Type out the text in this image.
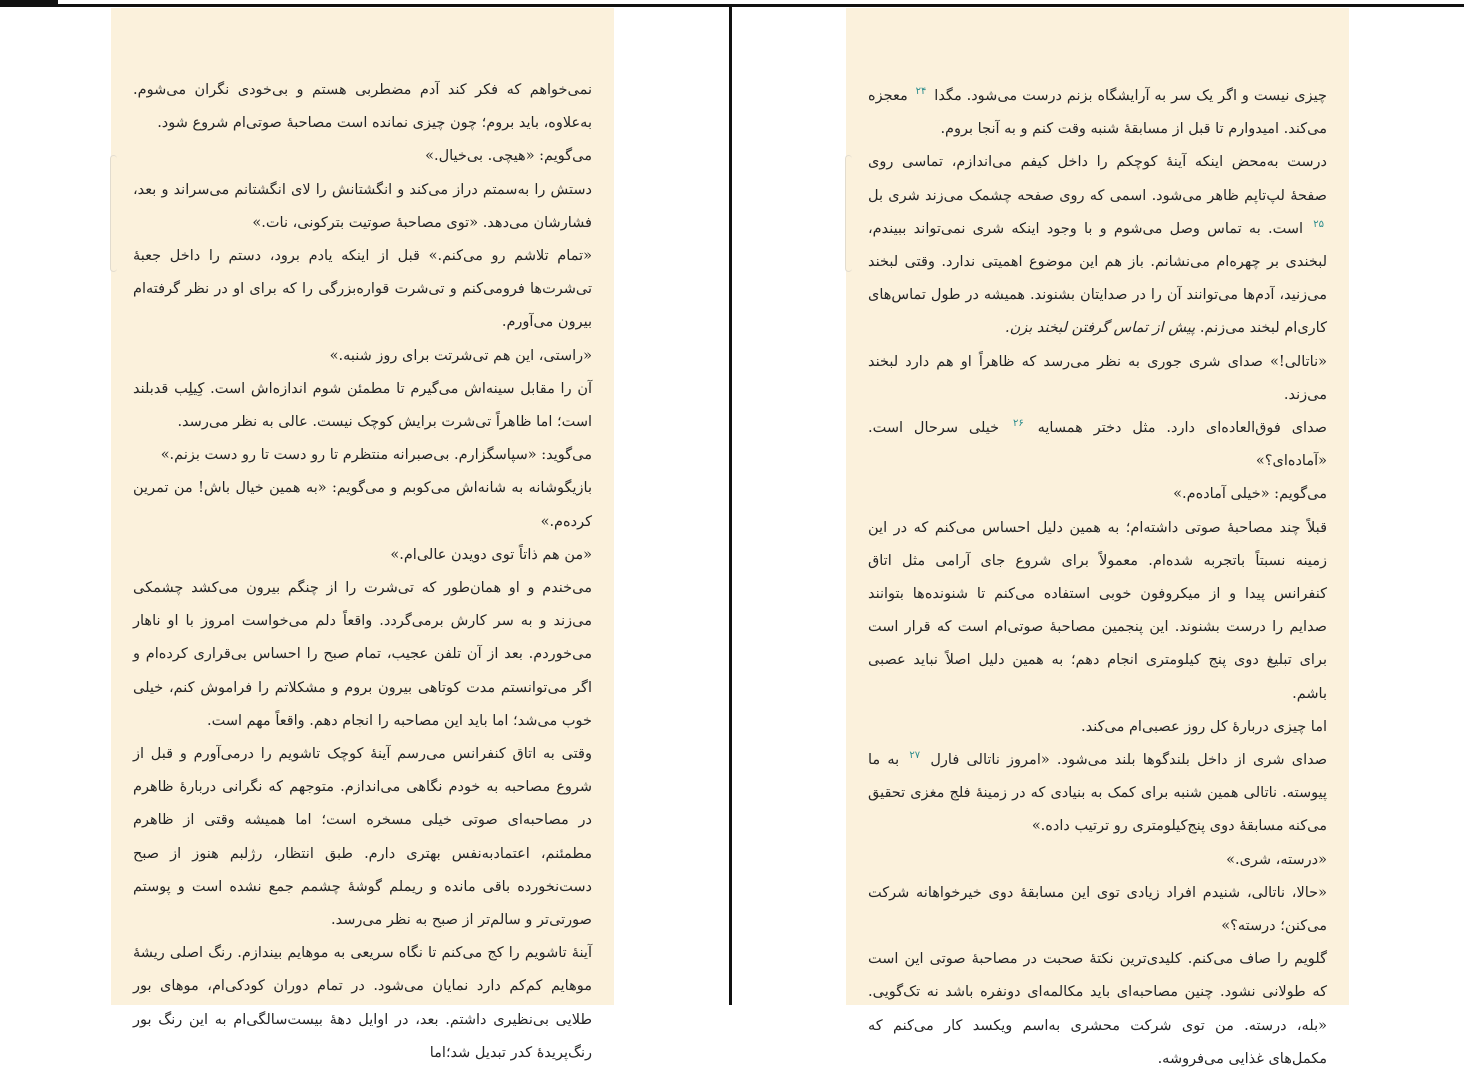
نمی‌خواهم که فکر کند آدم مضطربی هستم و بی‌خودی نگران می‌شوم. به‌علاوه، باید بروم؛ چون چیزی نمانده است مصاحبهٔ صوتی‌ام شروع شود.

می‌گویم: «هیچی. بی‌خیال.»

دستش را به‌سمتم دراز می‌کند و انگشتانش را لای انگشتانم می‌سراند و بعد، فشارشان می‌دهد. «توی مصاحبهٔ صوتیت بترکونی، نات.»

«تمام تلاشم رو می‌کنم.» قبل از اینکه یادم برود، دستم را داخل جعبهٔ تی‌شرت‌ها فرومی‌کنم و تی‌شرت قواره‌بزرگی را که برای او در نظر گرفته‌ام بیرون می‌آورم.

«راستی، این هم تی‌شرتت برای روز شنبه.»

آن را مقابل سینه‌اش می‌گیرم تا مطمئن شوم اندازه‌اش است. کِیلِب قدبلند است؛ اما ظاهراً تی‌شرت برایش کوچک نیست. عالی به نظر می‌رسد.

می‌گوید: «سپاسگزارم. بی‌صبرانه منتظرم تا رو دست تا رو دست بزنم.»

بازیگوشانه به شانه‌اش می‌کوبم و می‌گویم: «به همین خیال باش! من تمرین کرده‌م.»

«من هم ذاتاً توی دویدن عالی‌ام.»

می‌خندم و او همان‌طور که تی‌شرت را از چنگم بیرون می‌کشد چشمکی می‌زند و به سر کارش برمی‌گردد. واقعاً دلم می‌خواست امروز با او ناهار می‌خوردم. بعد از آن تلفن عجیب، تمام صبح را احساس بی‌قراری کرده‌ام و اگر می‌توانستم مدت کوتاهی بیرون بروم و مشکلاتم را فراموش کنم، خیلی خوب می‌شد؛ اما باید این مصاحبه را انجام دهم. واقعاً مهم است.

وقتی به اتاق کنفرانس می‌رسم آینهٔ کوچک تاشویم را درمی‌آورم و قبل از شروع مصاحبه به خودم نگاهی می‌اندازم. متوجهم که نگرانی دربارهٔ ظاهرم در مصاحبه‌ای صوتی خیلی مسخره است؛ اما همیشه وقتی از ظاهرم مطمئنم، اعتمادبه‌نفس بهتری دارم. طبق انتظار، رژلبم هنوز از صبح دست‌نخورده باقی مانده و ریملم گوشهٔ چشمم جمع نشده است و پوستم صورتی‌تر و سالم‌تر از صبح به نظر می‌رسد.

آینهٔ تاشویم را کج می‌کنم تا نگاه سریعی به موهایم بیندازم. رنگ اصلی ریشهٔ موهایم کم‌کم دارد نمایان می‌شود. در تمام دوران کودکی‌ام، موهای بور طلایی بی‌نظیری داشتم. بعد، در اوایل دههٔ بیست‌سالگی‌ام به این رنگ بور رنگ‌پریدهٔ کدر تبدیل شد؛اما

چیزی نیست و اگر یک سر به آرایشگاه بزنم درست می‌شود. مگدا $^{۲۴}$ معجزه می‌کند. امیدوارم تا قبل از مسابقهٔ شنبه وقت کنم و به آنجا بروم.

درست به‌محض اینکه آینهٔ کوچکم را داخل کیفم می‌اندازم، تماسی روی صفحهٔ لپ‌تاپم ظاهر می‌شود. اسمی که روی صفحه چشمک می‌زند شری بل $^{۲۵}$ است. به تماس وصل می‌شوم و با وجود اینکه شری نمی‌تواند ببیندم، لبخندی بر چهره‌ام می‌نشانم. باز هم این موضوع اهمیتی ندارد. وقتی لبخند می‌زنید، آدم‌ها می‌توانند آن را در صدایتان بشنوند. همیشه در طول تماس‌های کاری‌ام لبخند می‌زنم. پیش از تماس گرفتن لبخند بزن.

«ناتالی!» صدای شری جوری به نظر می‌رسد که ظاهراً او هم دارد لبخند می‌زند.

صدای فوق‌العاده‌ای دارد. مثل دختر همسایه $^{۲۶}$ خیلی سرحال است. «آماده‌ای؟»

می‌گویم: «خیلی آماده‌م.»

قبلاً چند مصاحبهٔ صوتی داشته‌ام؛ به همین دلیل احساس می‌کنم که در این زمینه نسبتاً باتجربه شده‌ام. معمولاً برای شروع جای آرامی مثل اتاق کنفرانس پیدا و از میکروفون خوبی استفاده می‌کنم تا شنونده‌ها بتوانند صدایم را درست بشنوند. این پنجمین مصاحبهٔ صوتی‌ام است که قرار است برای تبلیغ دوی پنج کیلومتری انجام دهم؛ به همین دلیل اصلاً نباید عصبی باشم.

اما چیزی دربارهٔ کل روز عصبی‌ام می‌کند.

صدای شری از داخل بلندگوها بلند می‌شود. «امروز ناتالی فارل $^{۲۷}$ به ما پیوسته. ناتالی همین شنبه برای کمک به بنیادی که در زمینهٔ فلج مغزی تحقیق می‌کنه مسابقهٔ دوی پنج‌کیلومتری رو ترتیب داده.»

«درسته، شری.»

«حالا، ناتالی، شنیدم افراد زیادی توی این مسابقهٔ دوی خیرخواهانه شرکت می‌کنن؛ درسته؟»

گلویم را صاف می‌کنم. کلیدی‌ترین نکتهٔ صحبت در مصاحبهٔ صوتی این است که طولانی نشود. چنین مصاحبه‌ای باید مکالمه‌ای دونفره باشد نه تک‌گویی. «بله، درسته. من توی شرکت محشری به‌اسم ویکسد کار می‌کنم که مکمل‌های غذایی می‌فروشه.
